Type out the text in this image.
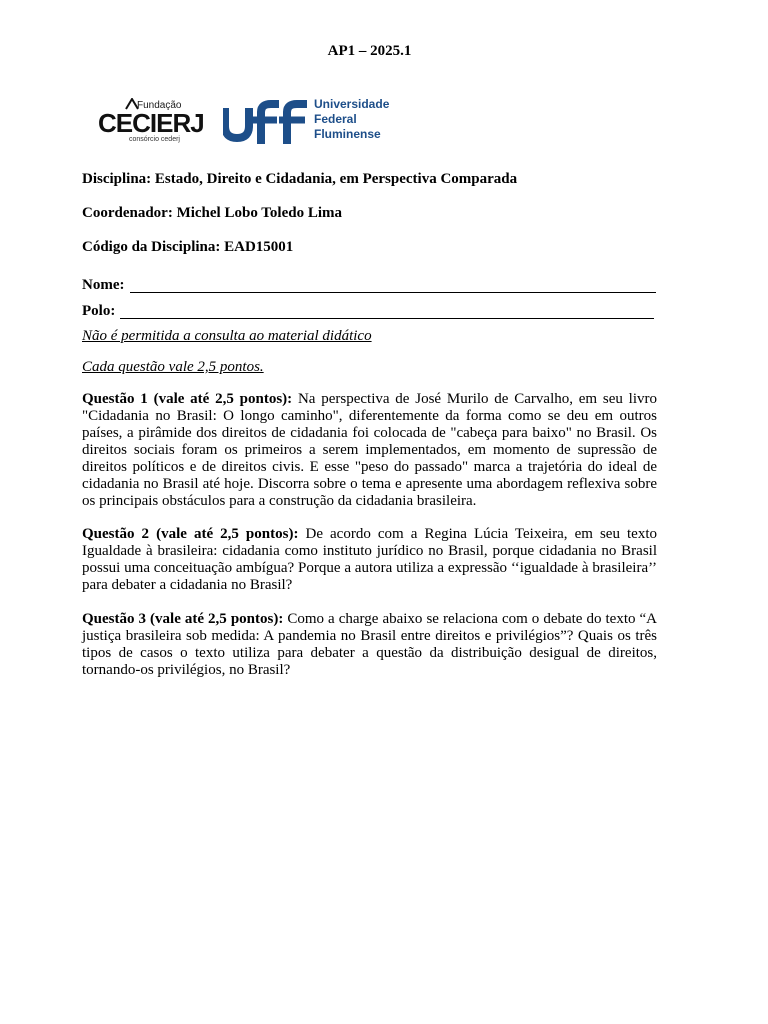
AP1 – 2025.1
Fundação
CECIERJ
consórcio cederj
Universidade
Federal
Fluminense
Disciplina: Estado, Direito e Cidadania, em Perspectiva Comparada
Coordenador: Michel Lobo Toledo Lima
Código da Disciplina: EAD15001
Nome:
Polo:
Não é permitida a consulta ao material didático
Cada questão vale 2,5 pontos.
Questão 1 (vale até 2,5 pontos): Na perspectiva de José Murilo de Carvalho, em seu livro "Cidadania no Brasil: O longo caminho", diferentemente da forma como se deu em outros países, a pirâmide dos direitos de cidadania foi colocada de "cabeça para baixo" no Brasil. Os direitos sociais foram os primeiros a serem implementados, em momento de supressão de direitos políticos e de direitos civis. E esse "peso do passado" marca a trajetória do ideal de cidadania no Brasil até hoje. Discorra sobre o tema e apresente uma abordagem reflexiva sobre os principais obstáculos para a construção da cidadania brasileira.
Questão 2 (vale até 2,5 pontos): De acordo com a Regina Lúcia Teixeira, em seu texto Igualdade à brasileira: cidadania como instituto jurídico no Brasil, porque cidadania no Brasil possui uma conceituação ambígua? Porque a autora utiliza a expressão ‘‘igualdade à brasileira’’ para debater a cidadania no Brasil?
Questão 3 (vale até 2,5 pontos): Como a charge abaixo se relaciona com o debate do texto “A justiça brasileira sob medida: A pandemia no Brasil entre direitos e privilégios”? Quais os três tipos de casos o texto utiliza para debater a questão da distribuição desigual de direitos, tornando-os privilégios, no Brasil?
